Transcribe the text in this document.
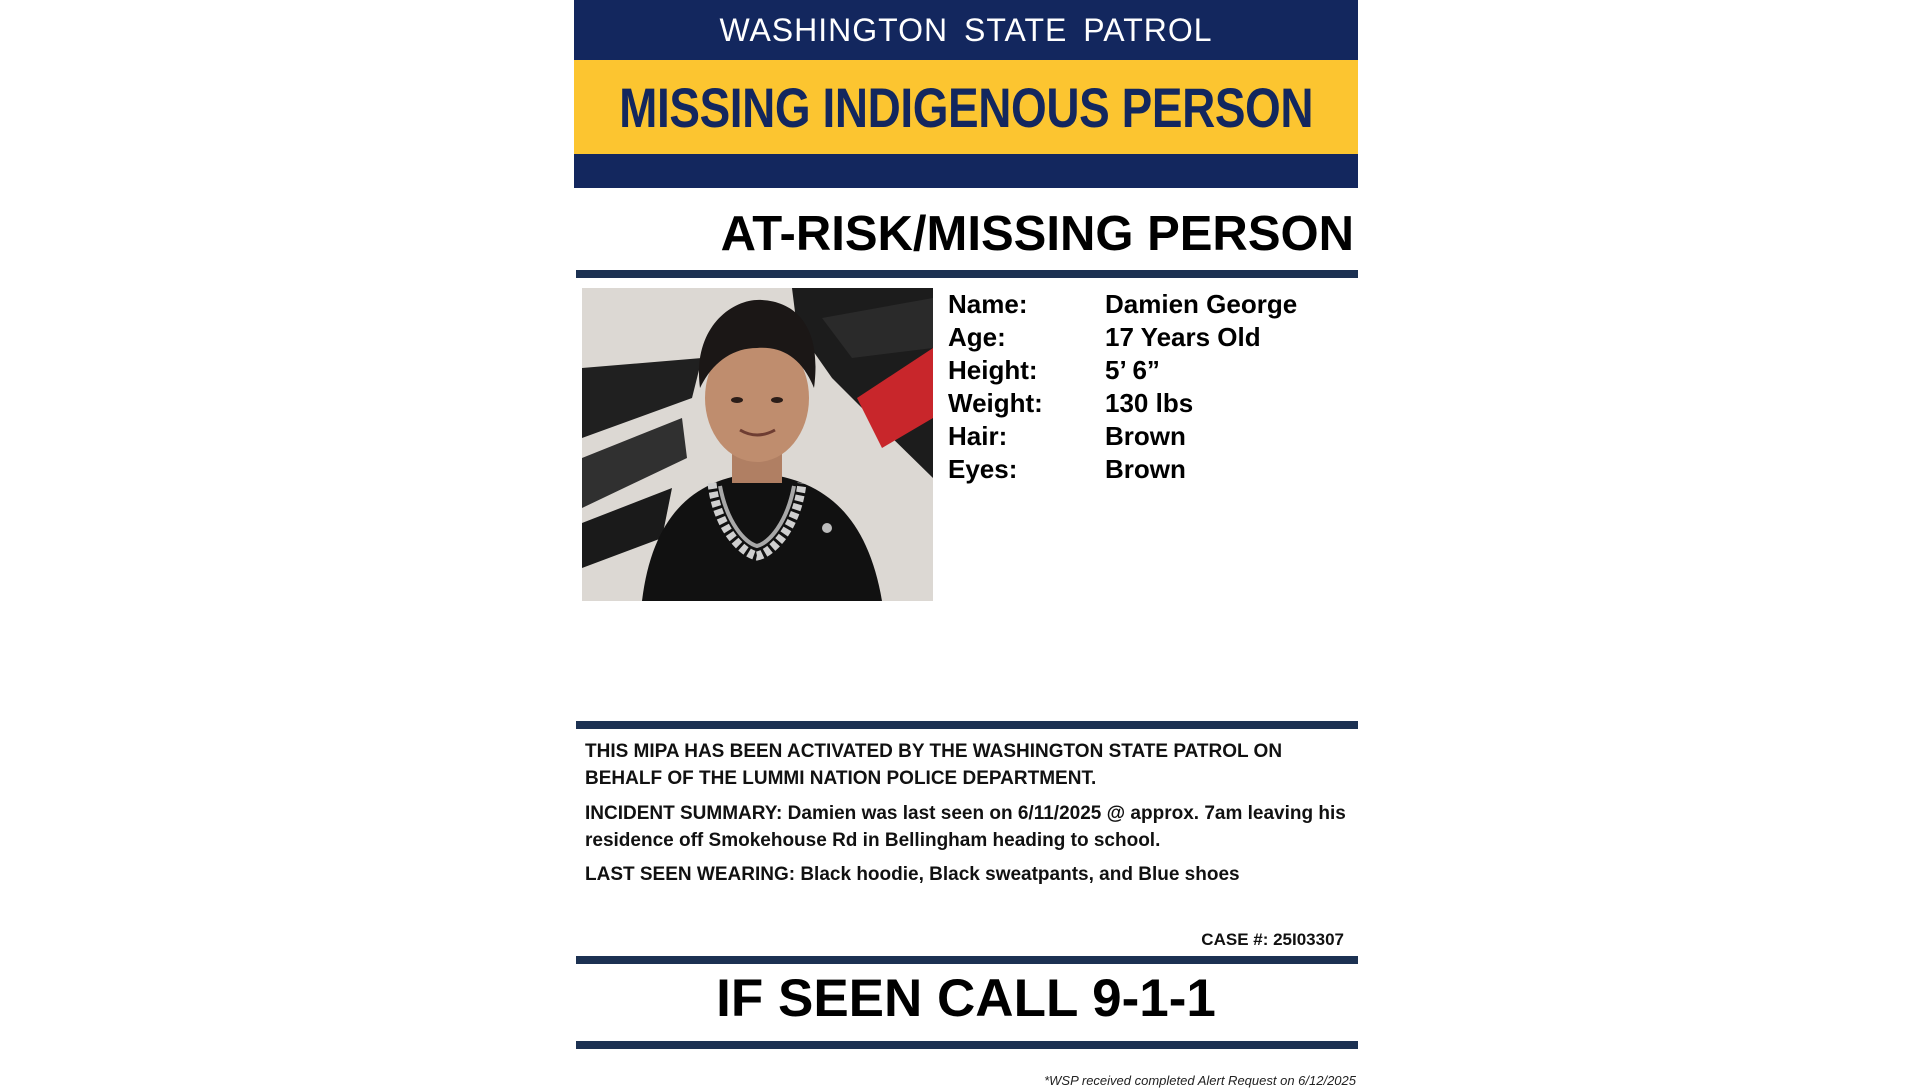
WASHINGTON STATE PATROL
MISSING INDIGENOUS PERSON
AT-RISK/MISSING PERSON
Name:	Damien George
Age:	17 Years Old
Height:	5’ 6”
Weight:	130 lbs
Hair:	Brown
Eyes:	Brown
THIS MIPA HAS BEEN ACTIVATED BY THE WASHINGTON STATE PATROL ON BEHALF OF THE LUMMI NATION POLICE DEPARTMENT.
INCIDENT SUMMARY: Damien was last seen on 6/11/2025 @ approx. 7am leaving his residence off Smokehouse Rd in Bellingham heading to school.
LAST SEEN WEARING: Black hoodie, Black sweatpants, and Blue shoes
CASE #: 25I03307
IF SEEN CALL 9-1-1
*WSP received completed Alert Request on 6/12/2025
